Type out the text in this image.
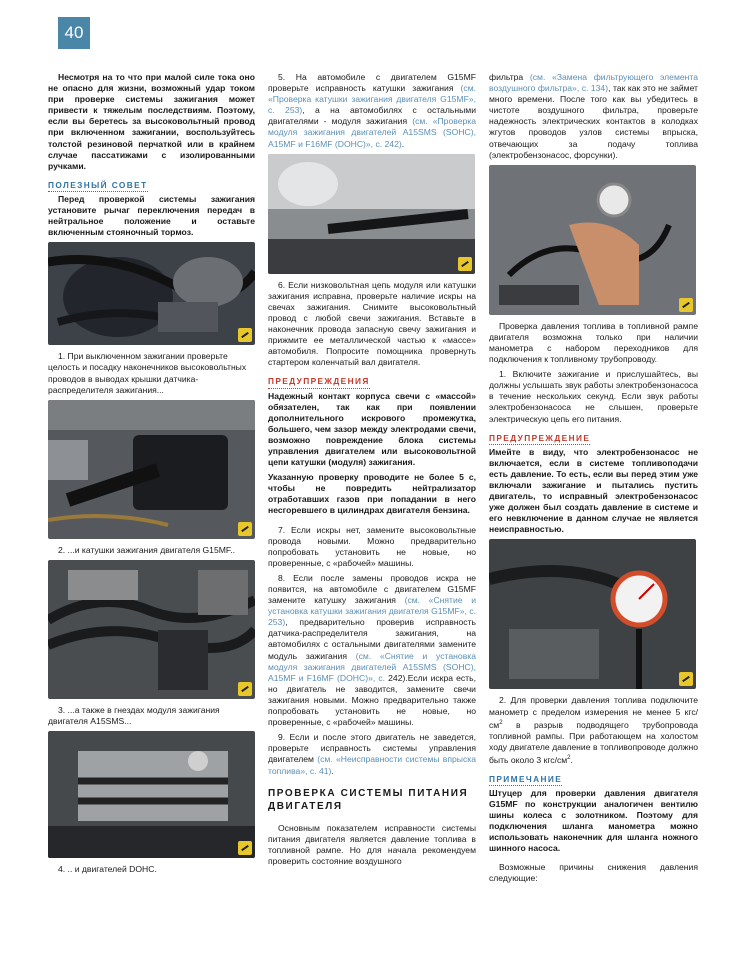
40

Несмотря на то что при малой силе тока оно не опасно для жизни, возможный удар током при проверке системы зажигания может привести к тяжелым последствиям. Поэтому, если вы беретесь за высоковольтный провод при включенном зажигании, воспользуйтесь толстой резиновой перчаткой или в крайнем случае пассатижами с изолированными ручками.

ПОЛЕЗНЫЙ СОВЕТ

Перед проверкой системы зажигания установите рычаг переключения передач в нейтральное положение и оставьте включенным стояночный тормоз.

1. При выключенном зажигании проверьте целость и посадку наконечников высоковольтных проводов в выводах крышки датчика-распределителя зажигания...

2. ...и катушки зажигания двигателя G15MF..

3. ...а также в гнездах модуля зажигания двигателя A15SMS...

4. .. и двигателей DOHC.

5. На автомобиле с двигателем G15MF проверьте исправность катушки зажигания (см. «Проверка катушки зажигания двигателя G15MF», с. 253), а на автомобилях с остальными двигателями - модуля зажигания (см. «Проверка модуля зажигания двигателей A15SMS (SOHC), A15MF и F16MF (DOHC)», с. 242).

6. Если низковольтная цепь модуля или катушки зажигания исправна, проверьте наличие искры на свечах зажигания. Снимите высоковольтный провод с любой свечи зажигания. Вставьте в наконечник провода запасную свечу зажигания и прижмите ее металлической частью к «массе» автомобиля. Попросите помощника провернуть стартером коленчатый вал двигателя.

ПРЕДУПРЕЖДЕНИЯ

Надежный контакт корпуса свечи с «массой» обязателен, так как при появлении дополнительного искрового промежутка, большего, чем зазор между электродами свечи, возможно повреждение блока системы управления двигателем или высоковольтной цепи катушки (модуля) зажигания.

Указанную проверку проводите не более 5 с, чтобы не повредить нейтрализатор отработавших газов при попадании в него несгоревшего в цилиндрах двигателя бензина.

7. Если искры нет, замените высоковольтные провода новыми. Можно предварительно попробовать установить не новые, но проверенные, с «рабочей» машины.

8. Если после замены проводов искра не появится, на автомобиле с двигателем G15MF замените катушку зажигания (см. «Снятие и установка катушки зажигания двигателя G15MF», с. 253), предварительно проверив исправность датчика-распределителя зажигания, на автомобилях с остальными двигателями замените модуль зажигания (см. «Снятие и установка модуля зажигания двигателей A15SMS (SOHC), A15MF и F16MF (DOHC)», с. 242).Если искра есть, но двигатель не заводится, замените свечи зажигания новыми. Можно предварительно также попробовать установить не новые, но проверенные, с «рабочей» машины.

9. Если и после этого двигатель не заведется, проверьте исправность системы управления двигателем (см. «Неисправности системы впрыска топлива», с. 41).

ПРОВЕРКА СИСТЕМЫ ПИТАНИЯ ДВИГАТЕЛЯ

Основным показателем исправности системы питания двигателя является давление топлива в топливной рампе. Но для начала рекомендуем проверить состояние воздушного

фильтра (см. «Замена фильтрующего элемента воздушного фильтра», с. 134), так как это не займет много времени. После того как вы убедитесь в чистоте воздушного фильтра, проверьте надежность электрических контактов в колодках жгутов проводов узлов системы впрыска, отвечающих за подачу топлива (электробензонасос, форсунки).

Проверка давления топлива в топливной рампе двигателя возможна только при наличии манометра с набором переходников для подключения к топливному трубопроводу.

1. Включите зажигание и прислушайтесь, вы должны услышать звук работы электробензонасоса в течение нескольких секунд. Если звук работы электробензонасоса не слышен, проверьте электрическую цепь его питания.

ПРЕДУПРЕЖДЕНИЕ

Имейте в виду, что электробензонасос не включается, если в системе топливоподачи есть давление. То есть, если вы перед этим уже включали зажигание и пытались пустить двигатель, то исправный электробензонасос уже должен был создать давление в системе и его невключение в данном случае не является неисправностью.

2. Для проверки давления топлива подключите манометр с пределом измерения не менее 5 кгс/$см^2$ в разрыв подводящего трубопровода топливной рампы. При работающем на холостом ходу двигателе давление в топливопроводе должно быть около 3 кгс/$см^2$.

ПРИМЕЧАНИЕ

Штуцер для проверки давления двигателя G15MF по конструкции аналогичен вентилю шины колеса с золотником. Поэтому для подключения шланга манометра можно использовать наконечник для шланга ножного шинного насоса.

Возможные причины снижения давления следующие:
